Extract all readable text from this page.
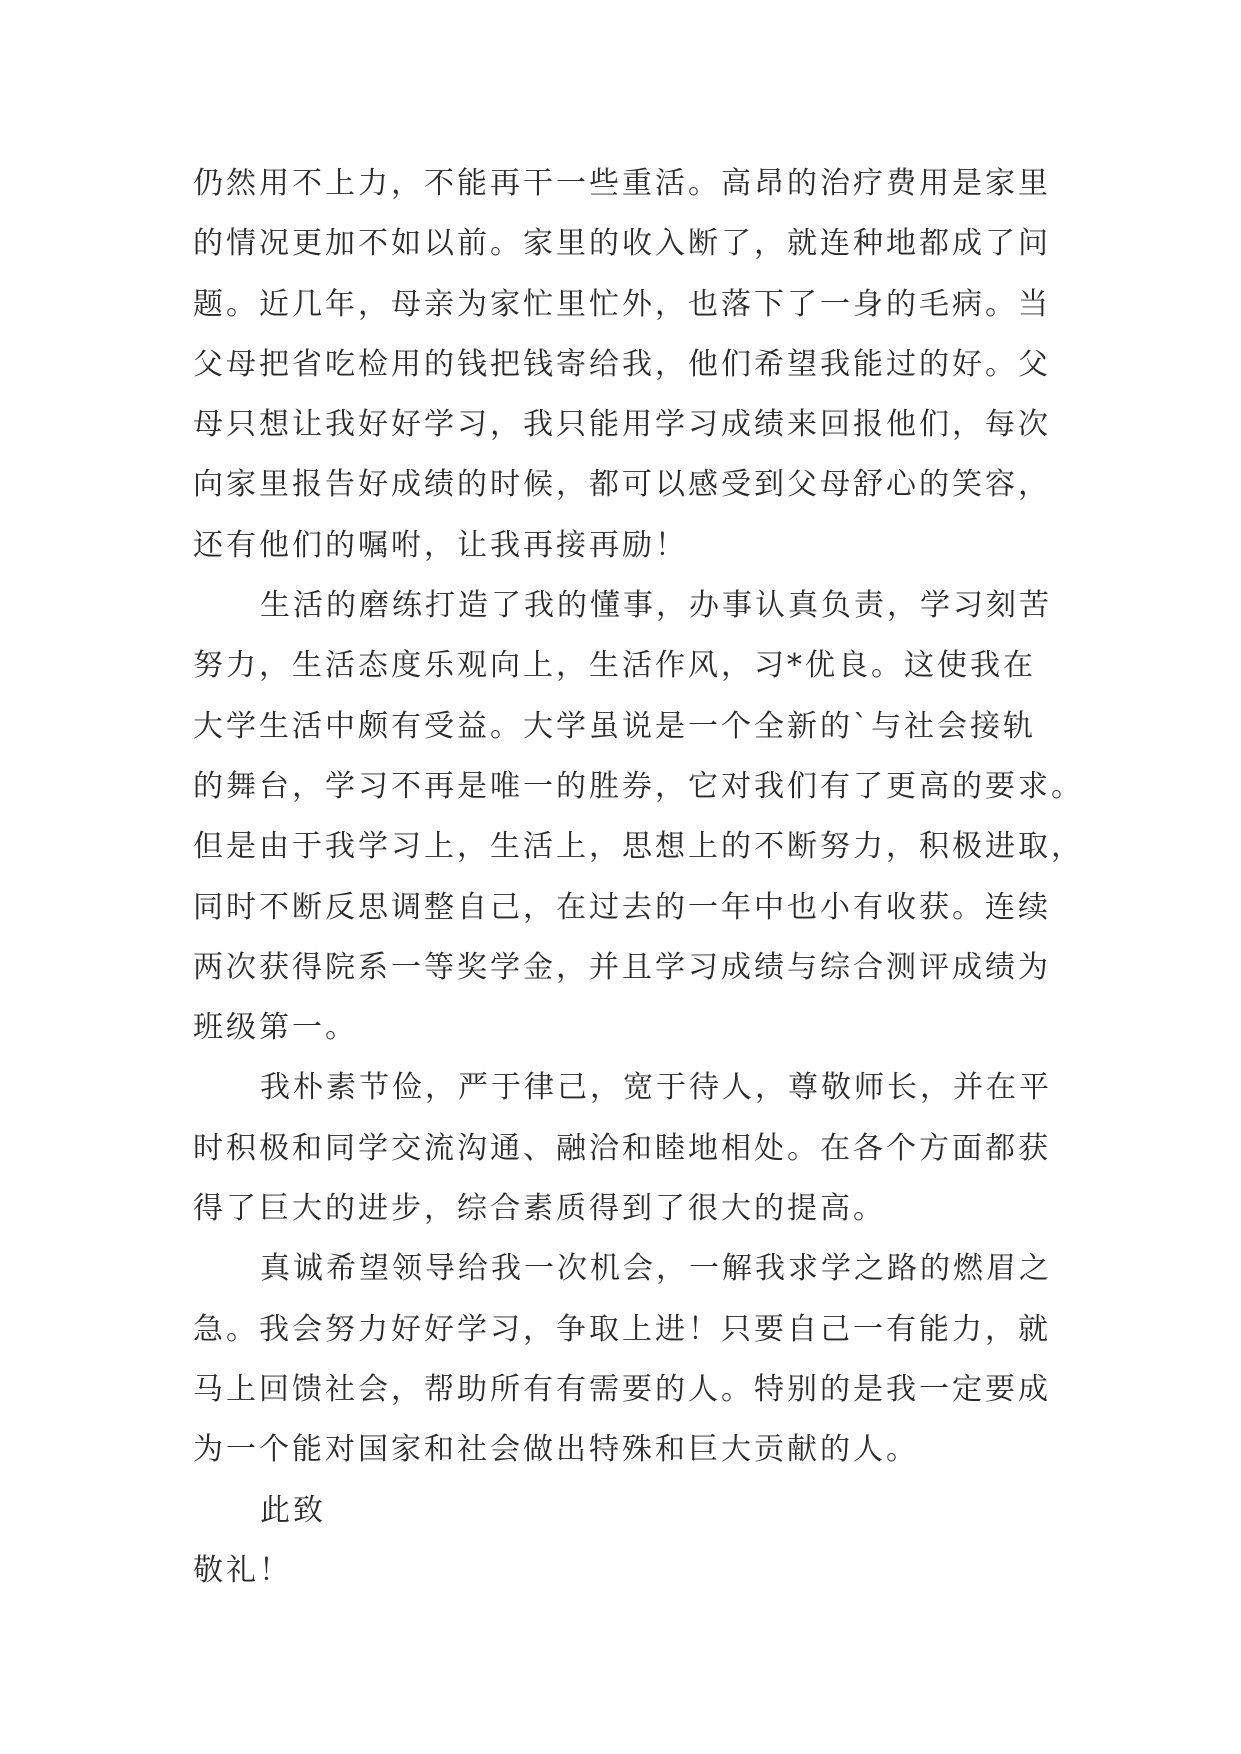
仍然用不上力，不能再干一些重活。高昂的治疗费用是家里
的情况更加不如以前。家里的收入断了，就连种地都成了问
题。近几年，母亲为家忙里忙外，也落下了一身的毛病。当
父母把省吃检用的钱把钱寄给我，他们希望我能过的好。父
母只想让我好好学习，我只能用学习成绩来回报他们，每次
向家里报告好成绩的时候，都可以感受到父母舒心的笑容，
还有他们的嘱咐，让我再接再励！
生活的磨练打造了我的懂事，办事认真负责，学习刻苦
努力，生活态度乐观向上，生活作风，习*优良。这使我在
大学生活中颇有受益。大学虽说是一个全新的`与社会接轨
的舞台，学习不再是唯一的胜券，它对我们有了更高的要求。
但是由于我学习上，生活上，思想上的不断努力，积极进取，
同时不断反思调整自己，在过去的一年中也小有收获。连续
两次获得院系一等奖学金，并且学习成绩与综合测评成绩为
班级第一。
我朴素节俭，严于律己，宽于待人，尊敬师长，并在平
时积极和同学交流沟通、融洽和睦地相处。在各个方面都获
得了巨大的进步，综合素质得到了很大的提高。
真诚希望领导给我一次机会，一解我求学之路的燃眉之
急。我会努力好好学习，争取上进！只要自己一有能力，就
马上回馈社会，帮助所有有需要的人。特别的是我一定要成
为一个能对国家和社会做出特殊和巨大贡献的人。
此致
敬礼！
